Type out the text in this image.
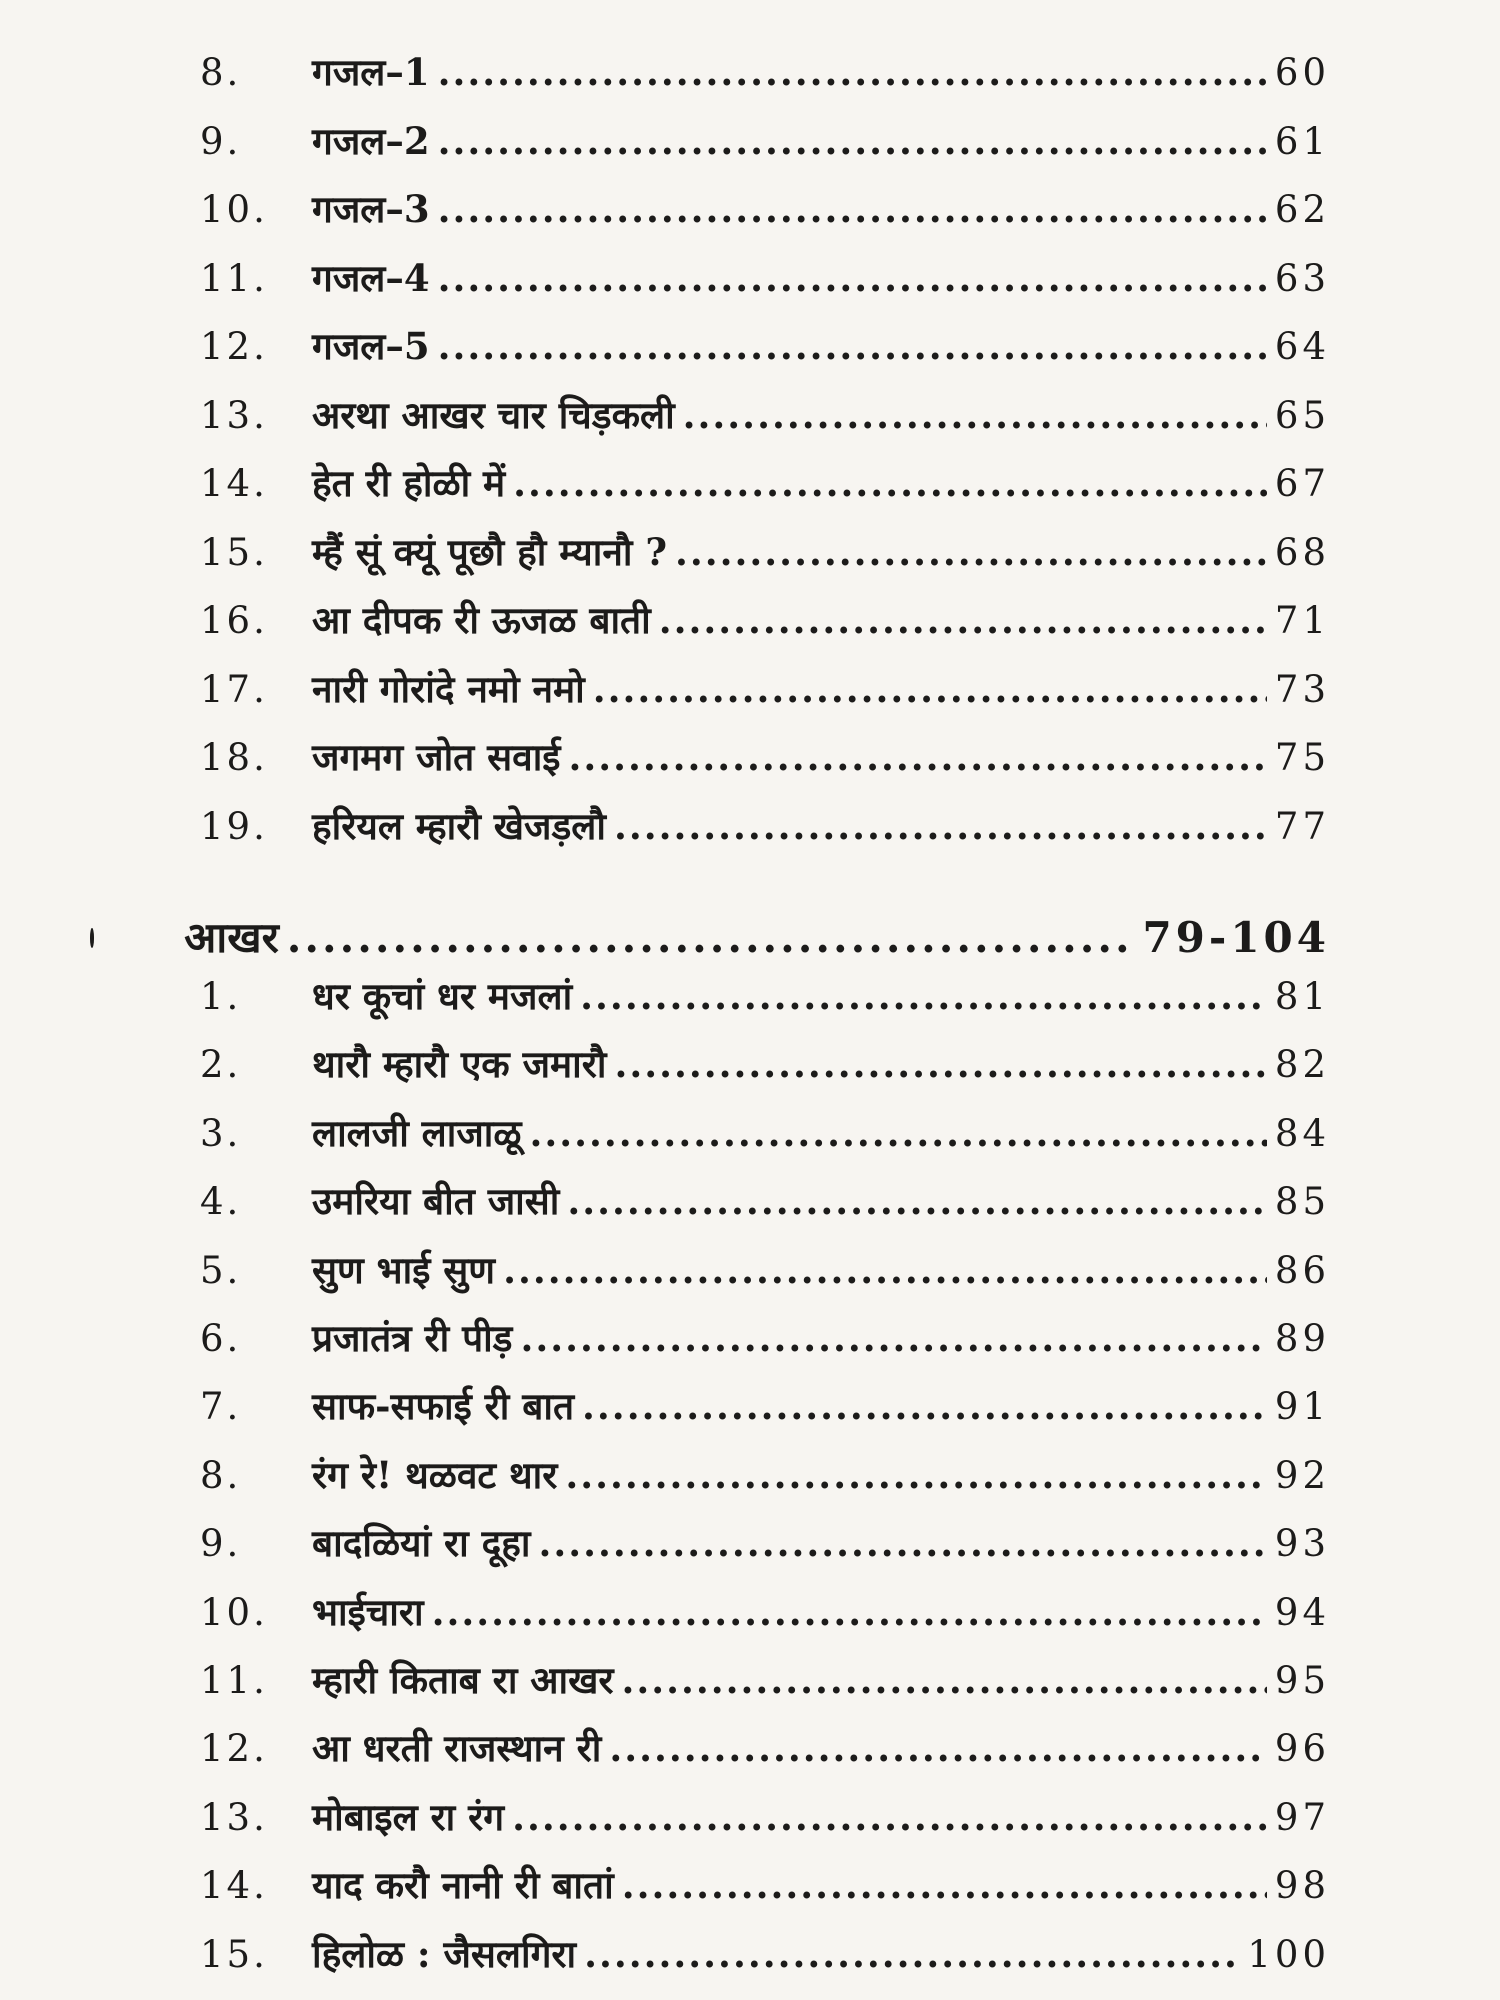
8.	गजल–1 .....	60
9.	गजल–2 .....	61
10.	गजल–3 .....	62
11.	गजल–4 .....	63
12.	गजल–5 .....	64
13.	अरथा आखर चार चिड़कली .....	65
14.	हेत री होळी में .....	67
15.	म्हैं सूं क्यूं पूछौ हौ म्यानौ ? .....	68
16.	आ दीपक री ऊजळ बाती .....	71
17.	नारी गोरांदे नमो नमो .....	73
18.	जगमग जोत सवाई .....	75
19.	हरियल म्हारौ खेजड़लौ .....	77
आखर .....	79-104
1.	धर कूचां धर मजलां .....	81
2.	थारौ म्हारौ एक जमारौ .....	82
3.	लालजी लाजाळू .....	84
4.	उमरिया बीत जासी .....	85
5.	सुण भाई सुण .....	86
6.	प्रजातंत्र री पीड़ .....	89
7.	साफ-सफाई री बात .....	91
8.	रंग रे! थळवट थार .....	92
9.	बादळियां रा दूहा .....	93
10.	भाईचारा .....	94
11.	म्हारी किताब रा आखर .....	95
12.	आ धरती राजस्थान री .....	96
13.	मोबाइल रा रंग .....	97
14.	याद करौ नानी री बातां .....	98
15.	हिलोळ : जैसलगिरा .....	100
